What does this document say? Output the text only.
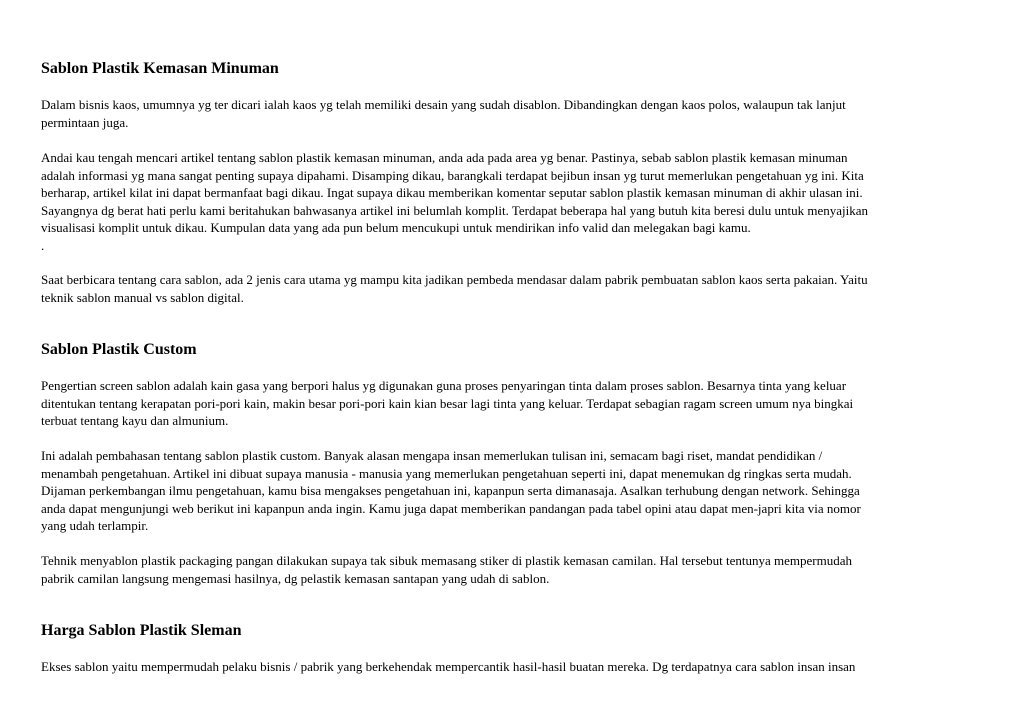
Sablon Plastik Kemasan Minuman

Dalam bisnis kaos, umumnya yg ter dicari ialah kaos yg telah memiliki desain yang sudah disablon. Dibandingkan dengan kaos polos, walaupun tak lanjut
permintaan juga.

Andai kau tengah mencari artikel tentang sablon plastik kemasan minuman, anda ada pada area yg benar. Pastinya, sebab sablon plastik kemasan minuman
adalah informasi yg mana sangat penting supaya dipahami. Disamping dikau, barangkali terdapat bejibun insan yg turut memerlukan pengetahuan yg ini. Kita
berharap, artikel kilat ini dapat bermanfaat bagi dikau. Ingat supaya dikau memberikan komentar seputar sablon plastik kemasan minuman di akhir ulasan ini.
Sayangnya dg berat hati perlu kami beritahukan bahwasanya artikel ini belumlah komplit. Terdapat beberapa hal yang butuh kita beresi dulu untuk menyajikan
visualisasi komplit untuk dikau. Kumpulan data yang ada pun belum mencukupi untuk mendirikan info valid dan melegakan bagi kamu.
.

Saat berbicara tentang cara sablon, ada 2 jenis cara utama yg mampu kita jadikan pembeda mendasar dalam pabrik pembuatan sablon kaos serta pakaian. Yaitu
teknik sablon manual vs sablon digital.

Sablon Plastik Custom

Pengertian screen sablon adalah kain gasa yang berpori halus yg digunakan guna proses penyaringan tinta dalam proses sablon. Besarnya tinta yang keluar
ditentukan tentang kerapatan pori-pori kain, makin besar pori-pori kain kian besar lagi tinta yang keluar. Terdapat sebagian ragam screen umum nya bingkai
terbuat tentang kayu dan almunium.

Ini adalah pembahasan tentang sablon plastik custom. Banyak alasan mengapa insan memerlukan tulisan ini, semacam bagi riset, mandat pendidikan /
menambah pengetahuan. Artikel ini dibuat supaya manusia - manusia yang memerlukan pengetahuan seperti ini, dapat menemukan dg ringkas serta mudah.
Dijaman perkembangan ilmu pengetahuan, kamu bisa mengakses pengetahuan ini, kapanpun serta dimanasaja. Asalkan terhubung dengan network. Sehingga
anda dapat mengunjungi web berikut ini kapanpun anda ingin. Kamu juga dapat memberikan pandangan pada tabel opini atau dapat men-japri kita via nomor
yang udah terlampir.

Tehnik menyablon plastik packaging pangan dilakukan supaya tak sibuk memasang stiker di plastik kemasan camilan. Hal tersebut tentunya mempermudah
pabrik camilan langsung mengemasi hasilnya, dg pelastik kemasan santapan yang udah di sablon.

Harga Sablon Plastik Sleman

Ekses sablon yaitu mempermudah pelaku bisnis / pabrik yang berkehendak mempercantik hasil-hasil buatan mereka. Dg terdapatnya cara sablon insan insan
